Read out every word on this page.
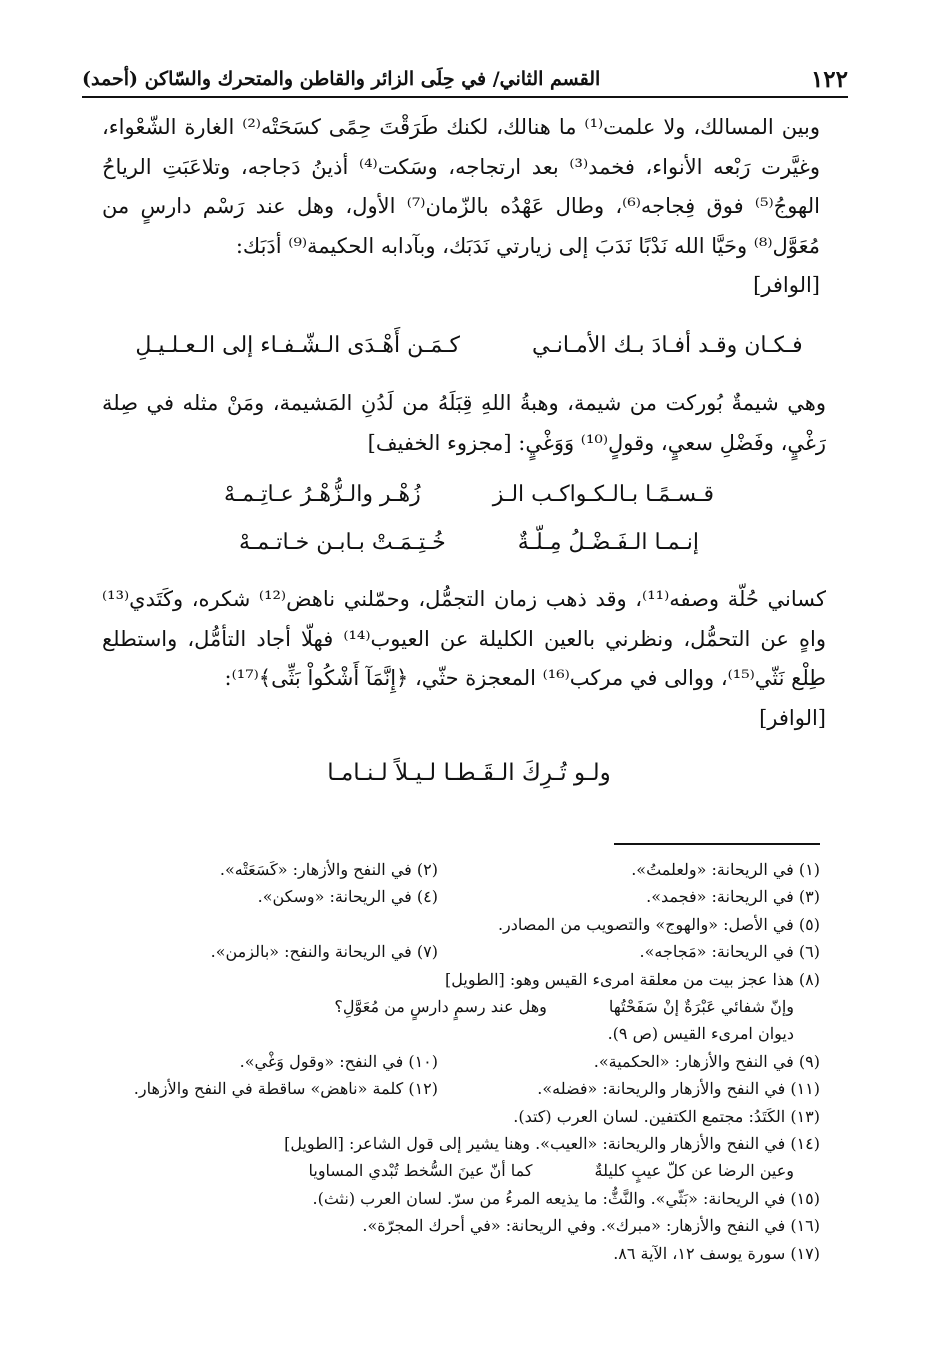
١٢٢
القسم الثاني/ في حِلَى الزائر والقاطن والمتحرك والسّاكن (أحمد)

وبين المسالك، ولا علمت⁽¹⁾ ما هنالك، لكنك طَرَقْتَ حِمًى كسَحَتْه⁽²⁾ الغارة الشّعْواء، وغيَّرت رَبْعه الأنواء، فخمد⁽³⁾ بعد ارتجاجه، وسَكت⁽⁴⁾ أذينُ دَجاجه، وتلاعَبَتِ الرياحُ الهوجُ⁽⁵⁾ فوق فِجاجه⁽⁶⁾، وطال عَهْدُه بالزّمان⁽⁷⁾ الأول، وهل عند رَسْم دارسٍ من مُعَوَّل⁽⁸⁾ وحَيَّا الله نَدْبًا نَدَبَ إلى زيارتي نَدَبَك، وبآدابه الحكيمة⁽⁹⁾ أدَبَك:

[الوافر]

فـكـان وقـد أفـادَ بـك الأمـانـي
كـمَـن أَهْـدَى الـشّـفـاء إلى الـعـلـيـلِ

وهي شيمةٌ بُوركت من شيمة، وهبةُ اللهِ قِبَلَهُ من لَدُنِ المَشيمة، ومَنْ مثله في صِلة رَغْيٍ، وفَضْلِ سعيٍ، وقولٍ⁽¹⁰⁾ وَوَغْيٍ: [مجزوء الخفيف]

قـسـمًـا بـالـكـواكـب الـز
زُهْـر والـزُّهْـرُ عـاتِـمـهْ
إنـمـا الـفَـضْـلُ مِـلّـةٌ
خُـتِـمَـتْ بـابـن خـاتـمـهْ

كساني حُلّة وصفه⁽¹¹⁾، وقد ذهب زمان التجمُّل، وحمّلني ناهض⁽¹²⁾ شكره، وكَتَدي⁽¹³⁾ واهٍ عن التحمُّل، ونظرني بالعين الكليلة عن العيوب⁽¹⁴⁾ فهلّا أجاد التأمُّل، واستطلع طِلْع نَثّي⁽¹⁵⁾، ووالى في مركب⁽¹⁶⁾ المعجزة حثّي، ﴿إِنَّمَآ أَشْكُواْ بَثِّى﴾⁽¹⁷⁾:

[الوافر]

ولـو تُـرِكَ الـقَـطـا لـيـلاً لـنـامـا
(١) في الريحانة: «ولعلمتُ».
(٢) في النفح والأزهار: «كَسَعَتْه».
(٣) في الريحانة: «فجمد».
(٤) في الريحانة: «وسكن».
(٥) في الأصل: «والهوج» والتصويب من المصادر.
(٦) في الريحانة: «مَجاجه».
(٧) في الريحانة والنفح: «بالزمن».
(٨) هذا عجز بيت من معلقة امرىء القيس وهو: [الطويل]
وإنّ شفائي عَبْرَةٌ إنْ سَفَحْتُها
وهل عند رسمٍ دارسٍ من مُعَوَّلِ؟
ديوان امرىء القيس (ص ٩).
(٩) في النفح والأزهار: «الحكمية».
(١٠) في النفح: «وقول وَغْي».
(١١) في النفح والأزهار والريحانة: «فضله».
(١٢) كلمة «ناهض» ساقطة في النفح والأزهار.
(١٣) الكَتَدُ: مجتمع الكتفين. لسان العرب (كتد).
(١٤) في النفح والأزهار والريحانة: «العيب». وهنا يشير إلى قول الشاعر: [الطويل]
وعين الرضا عن كلّ عيبٍ كليلةٌ
كما أنّ عينَ السُّخط تُبْدي المساويا
(١٥) في الريحانة: «بَثّي». والنَّثُّ: ما يذيعه المرءُ من سرّ. لسان العرب (نثث).
(١٦) في النفح والأزهار: «مبرك». وفي الريحانة: «في أحرك المجرّة».
(١٧) سورة يوسف ١٢، الآية ٨٦.
